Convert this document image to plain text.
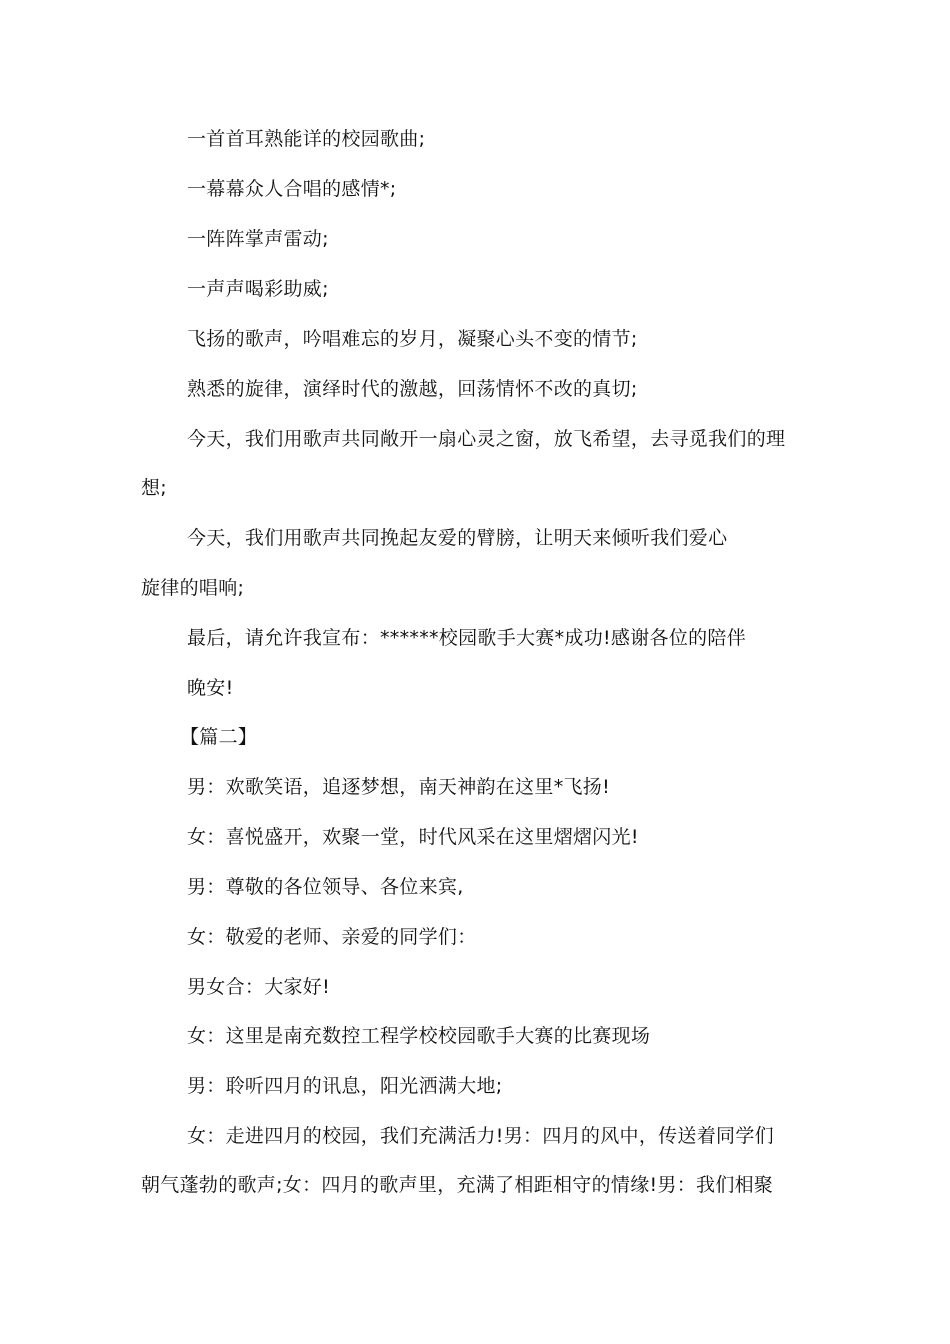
一首首耳熟能详的校园歌曲;
一幕幕众人合唱的感情*;
一阵阵掌声雷动;
一声声喝彩助威;
飞扬的歌声，吟唱难忘的岁月，凝聚心头不变的情节;
熟悉的旋律，演绎时代的激越，回荡情怀不改的真切;
今天，我们用歌声共同敞开一扇心灵之窗，放飞希望，去寻觅我们的理
想;
今天，我们用歌声共同挽起友爱的臂膀，让明天来倾听我们爱心
旋律的唱响;
最后，请允许我宣布：******校园歌手大赛*成功!感谢各位的陪伴
晚安!
【篇二】
男：欢歌笑语，追逐梦想，南天神韵在这里*飞扬!
女：喜悦盛开，欢聚一堂，时代风采在这里熠熠闪光!
男：尊敬的各位领导、各位来宾,
女：敬爱的老师、亲爱的同学们：
男女合：大家好!
女：这里是南充数控工程学校校园歌手大赛的比赛现场
男：聆听四月的讯息，阳光洒满大地;
女：走进四月的校园，我们充满活力!男：四月的风中，传送着同学们
朝气蓬勃的歌声;女：四月的歌声里，充满了相距相守的情缘!男：我们相聚
